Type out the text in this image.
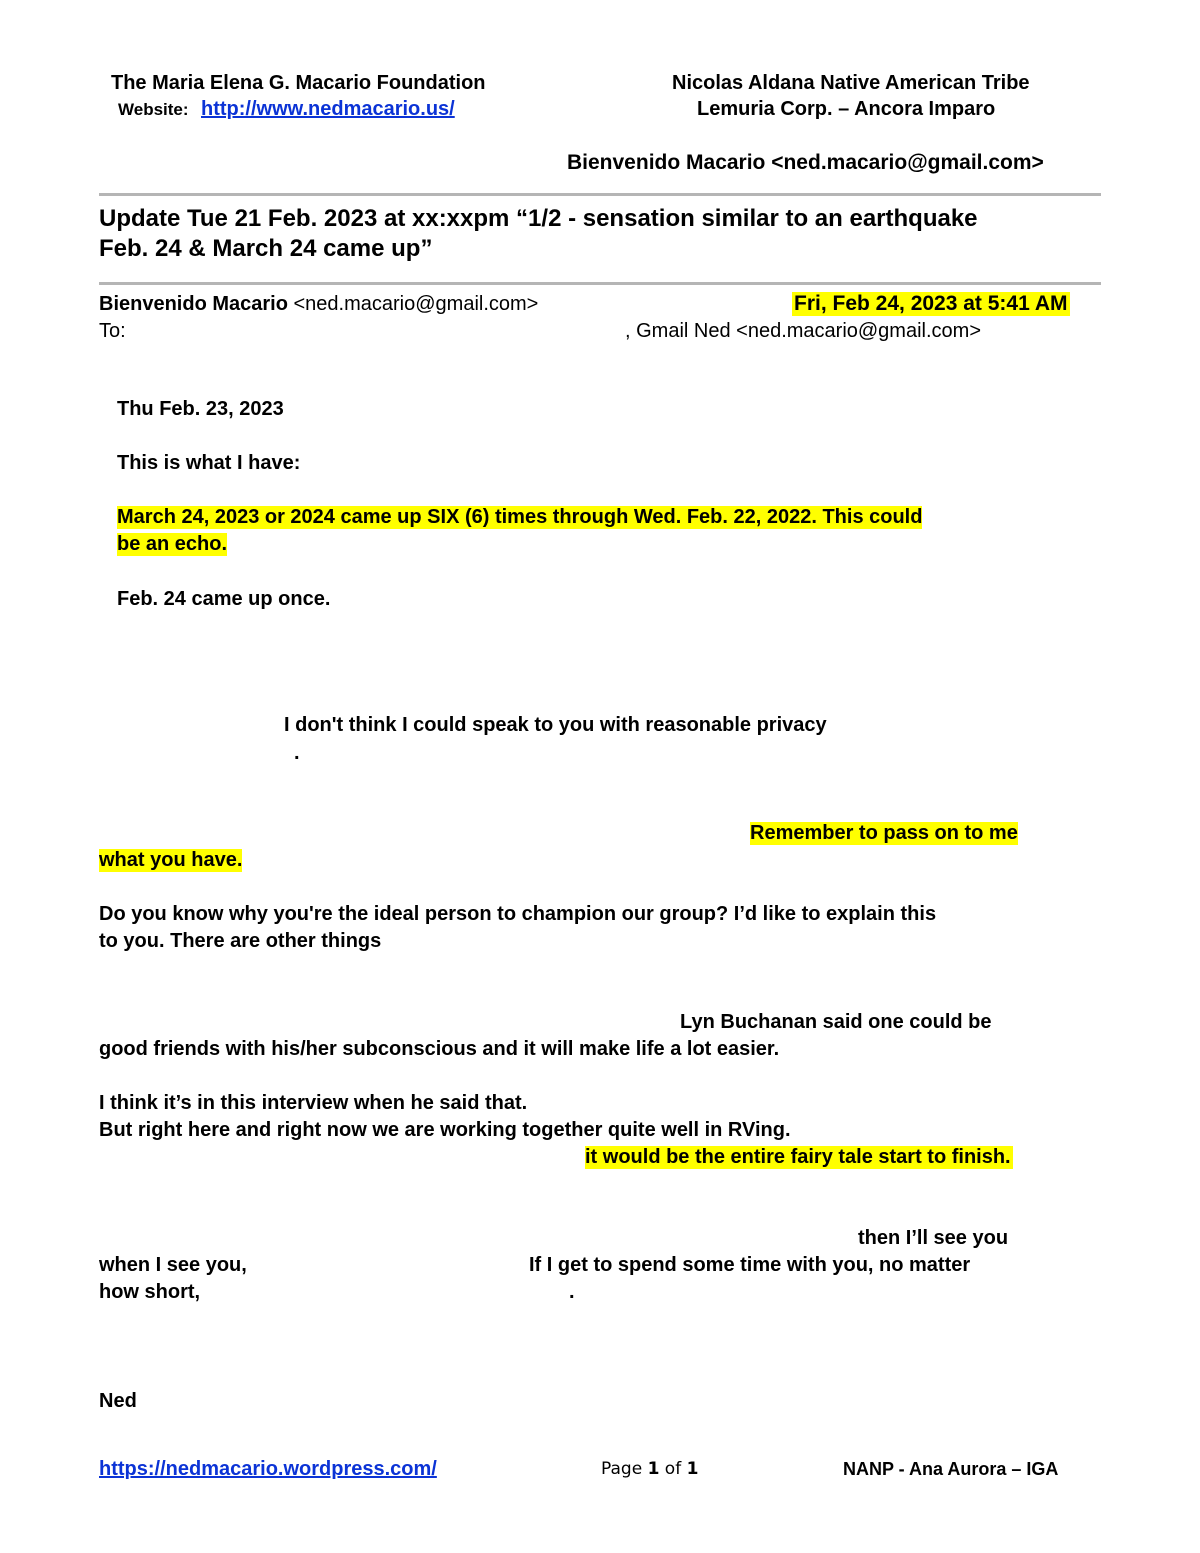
The Maria Elena G. Macario Foundation
Website: http://www.nedmacario.us/
Nicolas Aldana Native American Tribe
Lemuria Corp. – Ancora Imparo
Bienvenido Macario <ned.macario@gmail.com>
Update Tue 21 Feb. 2023 at xx:xxpm “1/2 - sensation similar to an earthquake
Feb. 24 & March 24 came up”
Bienvenido Macario <ned.macario@gmail.com>	Fri, Feb 24, 2023 at 5:41 AM
To:	, Gmail Ned <ned.macario@gmail.com>
Thu Feb. 23, 2023
This is what I have:
March 24, 2023 or 2024 came up SIX (6) times through Wed. Feb. 22, 2022. This could
be an echo.
Feb. 24 came up once.
I don't think I could speak to you with reasonable privacy
.
Remember to pass on to me
what you have.
Do you know why you're the ideal person to champion our group? I’d like to explain this
to you. There are other things
Lyn Buchanan said one could be
good friends with his/her subconscious and it will make life a lot easier.
I think it’s in this interview when he said that.
But right here and right now we are working together quite well in RVing.
it would be the entire fairy tale start to finish.
then I’ll see you
when I see you,	If I get to spend some time with you, no matter
how short,	.
Ned
https://nedmacario.wordpress.com/	Page 1 of 1	NANP - Ana Aurora – IGA
